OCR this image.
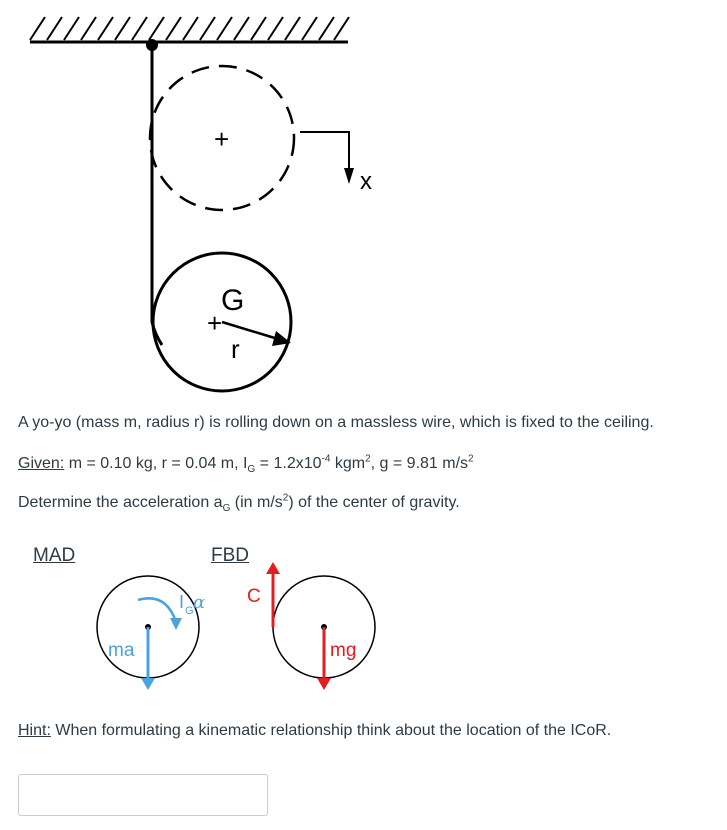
+
x
+
G
r
A yo-yo (mass m, radius r) is rolling down on a massless wire, which is fixed to the ceiling.
Given: m = 0.10 kg, r = 0.04 m, $I_G = 1.2x10^{-4}$ kgm$^2$, g = 9.81 $m/s^2$
Determine the acceleration $a_G$ (in $m/s^2$) of the center of gravity.
MAD	FBD
I G α
ma
C
mg
Hint: When formulating a kinematic relationship think about the location of the ICoR.
